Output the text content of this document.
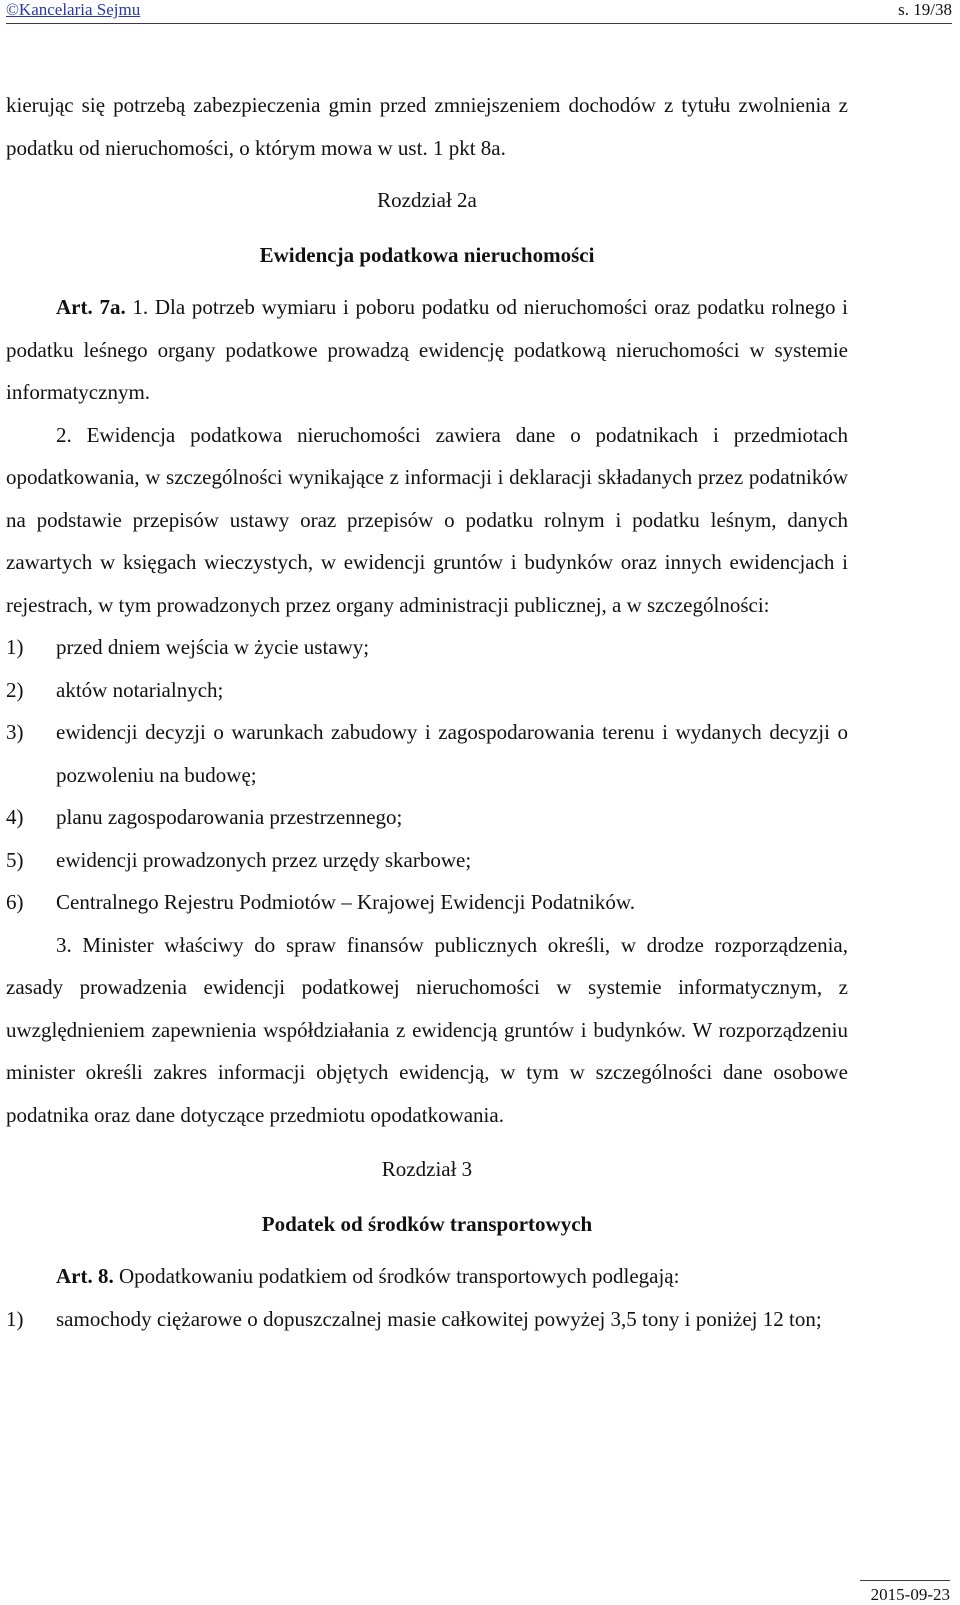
©Kancelaria Sejmu	s. 19/38

kierując się potrzebą zabezpieczenia gmin przed zmniejszeniem dochodów z tytułu zwolnienia z podatku od nieruchomości, o którym mowa w ust. 1 pkt 8a.

Rozdział 2a

Ewidencja podatkowa nieruchomości

Art. 7a. 1. Dla potrzeb wymiaru i poboru podatku od nieruchomości oraz podatku rolnego i podatku leśnego organy podatkowe prowadzą ewidencję podatkową nieruchomości w systemie informatycznym.

2. Ewidencja podatkowa nieruchomości zawiera dane o podatnikach i przedmiotach opodatkowania, w szczególności wynikające z informacji i deklaracji składanych przez podatników na podstawie przepisów ustawy oraz przepisów o podatku rolnym i podatku leśnym, danych zawartych w księgach wieczystych, w ewidencji gruntów i budynków oraz innych ewidencjach i rejestrach, w tym prowadzonych przez organy administracji publicznej, a w szczególności:

1)	przed dniem wejścia w życie ustawy;
2)	aktów notarialnych;
3)	ewidencji decyzji o warunkach zabudowy i zagospodarowania terenu i wydanych decyzji o pozwoleniu na budowę;
4)	planu zagospodarowania przestrzennego;
5)	ewidencji prowadzonych przez urzędy skarbowe;
6)	Centralnego Rejestru Podmiotów – Krajowej Ewidencji Podatników.

3. Minister właściwy do spraw finansów publicznych określi, w drodze rozporządzenia, zasady prowadzenia ewidencji podatkowej nieruchomości w systemie informatycznym, z uwzględnieniem zapewnienia współdziałania z ewidencją gruntów i budynków. W rozporządzeniu minister określi zakres informacji objętych ewidencją, w tym w szczególności dane osobowe podatnika oraz dane dotyczące przedmiotu opodatkowania.

Rozdział 3

Podatek od środków transportowych

Art. 8. Opodatkowaniu podatkiem od środków transportowych podlegają:

1)	samochody ciężarowe o dopuszczalnej masie całkowitej powyżej 3,5 tony i poniżej 12 ton;
2015-09-23
